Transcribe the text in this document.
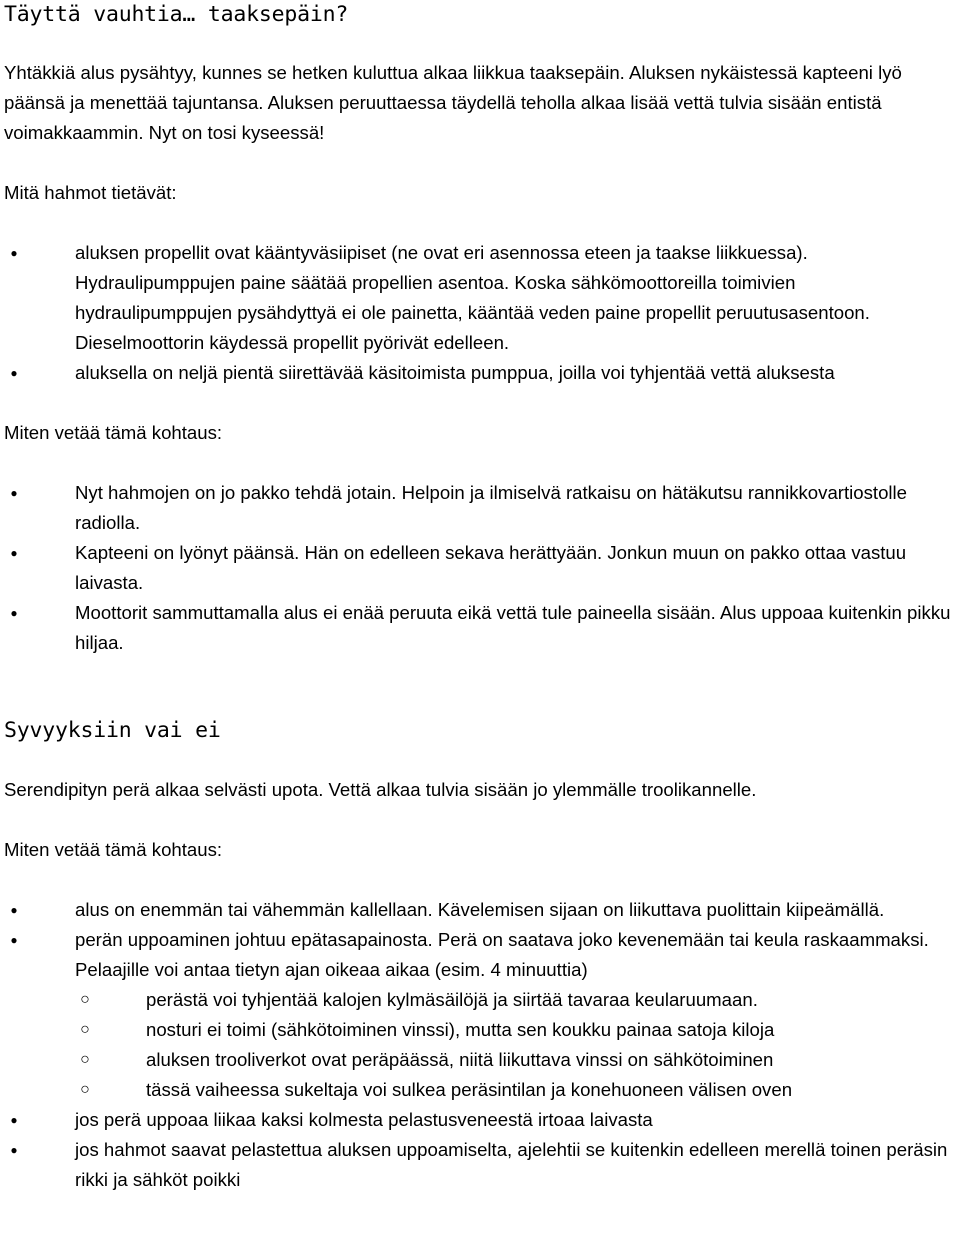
Täyttä vauhtia… taaksepäin?

Yhtäkkiä alus pysähtyy, kunnes se hetken kuluttua alkaa liikkua taaksepäin. Aluksen nykäistessä kapteeni lyö päänsä ja menettää tajuntansa. Aluksen peruuttaessa täydellä teholla alkaa lisää vettä tulvia sisään entistä voimakkaammin. Nyt on tosi kyseessä!

Mitä hahmot tietävät:

●	aluksen propellit ovat kääntyväsiipiset (ne ovat eri asennossa eteen ja taakse liikkuessa). Hydraulipumppujen paine säätää propellien asentoa. Koska sähkömoottoreilla toimivien hydraulipumppujen pysähdyttyä ei ole painetta, kääntää veden paine propellit peruutusasentoon. Dieselmoottorin käydessä propellit pyörivät edelleen.
●	aluksella on neljä pientä siirettävää käsitoimista pumppua, joilla voi tyhjentää vettä aluksesta

Miten vetää tämä kohtaus:

●	Nyt hahmojen on jo pakko tehdä jotain. Helpoin ja ilmiselvä ratkaisu on hätäkutsu rannikkovartiostolle radiolla.
●	Kapteeni on lyönyt päänsä. Hän on edelleen sekava herättyään. Jonkun muun on pakko ottaa vastuu laivasta.
●	Moottorit sammuttamalla alus ei enää peruuta eikä vettä tule paineella sisään. Alus uppoaa kuitenkin pikku hiljaa.
Syvyyksiin vai ei

Serendipityn perä alkaa selvästi upota. Vettä alkaa tulvia sisään jo ylemmälle troolikannelle.

Miten vetää tämä kohtaus:

●	alus on enemmän tai vähemmän kallellaan. Kävelemisen sijaan on liikuttava puolittain kiipeämällä.
●	perän uppoaminen johtuu epätasapainosta. Perä on saatava joko kevenemään tai keula raskaammaksi. Pelaajille voi antaa tietyn ajan oikeaa aikaa (esim. 4 minuuttia)
○	perästä voi tyhjentää kalojen kylmäsäilöjä ja siirtää tavaraa keularuumaan.
○	nosturi ei toimi (sähkötoiminen vinssi), mutta sen koukku painaa satoja kiloja
○	aluksen trooliverkot ovat peräpäässä, niitä liikuttava vinssi on sähkötoiminen
○	tässä vaiheessa sukeltaja voi sulkea peräsintilan ja konehuoneen välisen oven
●	jos perä uppoaa liikaa kaksi kolmesta pelastusveneestä irtoaa laivasta
●	jos hahmot saavat pelastettua aluksen uppoamiselta, ajelehtii se kuitenkin edelleen merellä toinen peräsin rikki ja sähköt poikki
